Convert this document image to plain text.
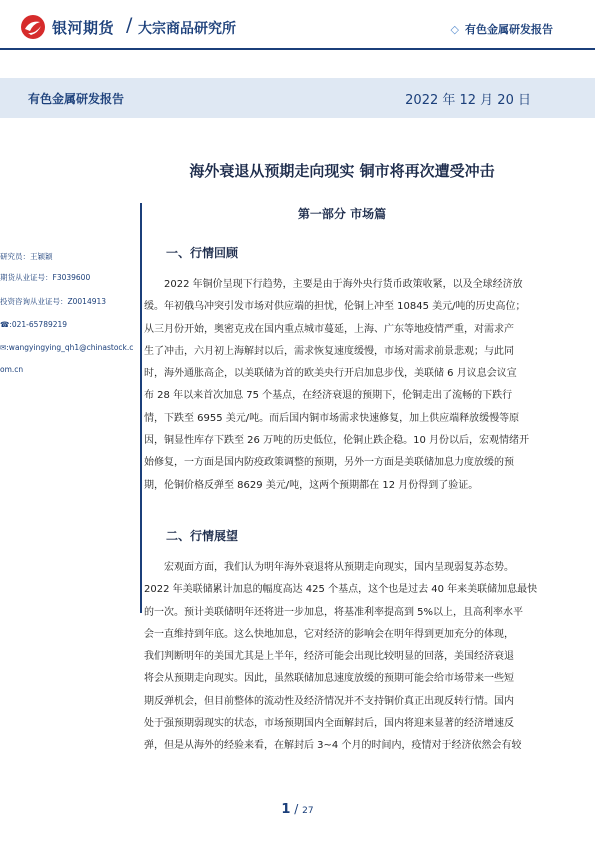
银河期货 / 大宗商品研究所	◇ 有色金属研发报告
有色金属研发报告	2022 年 12 月 20 日
海外衰退从预期走向现实 铜市将再次遭受冲击
第一部分 市场篇
研究员：王颖颖
期货从业证号：F3039600
投资咨询从业证号：Z0014913
☎:021-65789219
✉:wangyingying_qh1@chinastock.c
om.cn
一、行情回顾
2022 年铜价呈现下行趋势，主要是由于海外央行货币政策收紧，以及全球经济放
缓。年初俄乌冲突引发市场对供应端的担忧，伦铜上冲至 10845 美元/吨的历史高位；
从三月份开始，奥密克戎在国内重点城市蔓延，上海、广东等地疫情严重，对需求产
生了冲击，六月初上海解封以后，需求恢复速度缓慢，市场对需求前景悲观；与此同
时，海外通胀高企，以美联储为首的欧美央行开启加息步伐，美联储 6 月议息会议宣
布 28 年以来首次加息 75 个基点，在经济衰退的预期下，伦铜走出了流畅的下跌行
情，下跌至 6955 美元/吨。而后国内铜市场需求快速修复，加上供应端释放缓慢等原
因，铜显性库存下跌至 26 万吨的历史低位，伦铜止跌企稳。10 月份以后，宏观情绪开
始修复，一方面是国内防疫政策调整的预期，另外一方面是美联储加息力度放缓的预
期，伦铜价格反弹至 8629 美元/吨，这两个预期都在 12 月份得到了验证。
二、行情展望
宏观面方面，我们认为明年海外衰退将从预期走向现实，国内呈现弱复苏态势。
2022 年美联储累计加息的幅度高达 425 个基点，这个也是过去 40 年来美联储加息最快
的一次。预计美联储明年还将进一步加息，将基准利率提高到 5%以上，且高利率水平
会一直维持到年底。这么快地加息，它对经济的影响会在明年得到更加充分的体现，
我们判断明年的美国尤其是上半年，经济可能会出现比较明显的回落，美国经济衰退
将会从预期走向现实。因此，虽然联储加息速度放缓的预期可能会给市场带来一些短
期反弹机会，但目前整体的流动性及经济情况并不支持铜价真正出现反转行情。国内
处于强预期弱现实的状态，市场预期国内全面解封后，国内将迎来显著的经济增速反
弹，但是从海外的经验来看，在解封后 3~4 个月的时间内，疫情对于经济依然会有较
1 / 27
